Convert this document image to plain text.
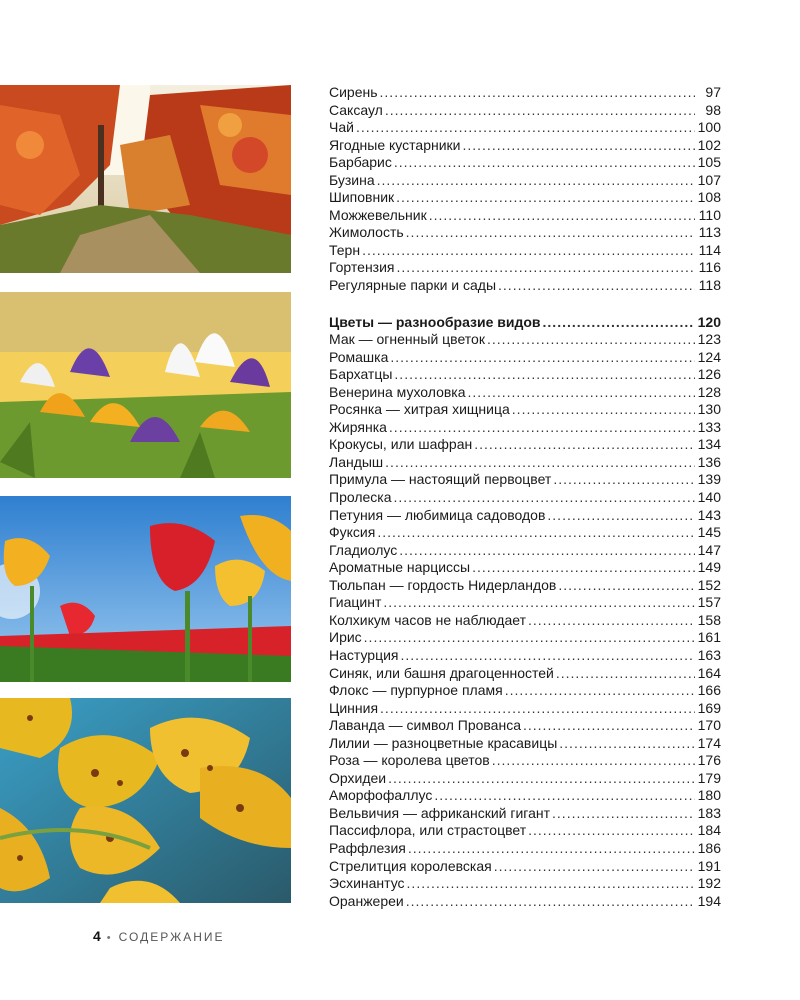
Сирень .....	97
Саксаул .....	98
Чай .....	100
Ягодные кустарники .....	102
Барбарис .....	105
Бузина .....	107
Шиповник .....	108
Можжевельник .....	110
Жимолость .....	113
Терн .....	114
Гортензия .....	116
Регулярные парки и сады .....	118
Цветы — разнообразие видов .....	120
Мак — огненный цветок .....	123
Ромашка .....	124
Бархатцы .....	126
Венерина мухоловка .....	128
Росянка — хитрая хищница .....	130
Жирянка .....	133
Крокусы, или шафран .....	134
Ландыш .....	136
Примула — настоящий первоцвет .....	139
Пролеска .....	140
Петуния — любимица садоводов .....	143
Фуксия .....	145
Гладиолус .....	147
Ароматные нарциссы .....	149
Тюльпан — гордость Нидерландов .....	152
Гиацинт .....	157
Колхикум часов не наблюдает .....	158
Ирис .....	161
Настурция .....	163
Синяк, или башня драгоценностей .....	164
Флокс — пурпурное пламя .....	166
Цинния .....	169
Лаванда — символ Прованса .....	170
Лилии — разноцветные красавицы .....	174
Роза — королева цветов .....	176
Орхидеи .....	179
Аморфофаллус .....	180
Вельвичия — африканский гигант .....	183
Пассифлора, или страстоцвет .....	184
Раффлезия .....	186
Стрелитция королевская .....	191
Эсхинантус .....	192
Оранжереи .....	194
4 • СОДЕРЖАНИЕ
